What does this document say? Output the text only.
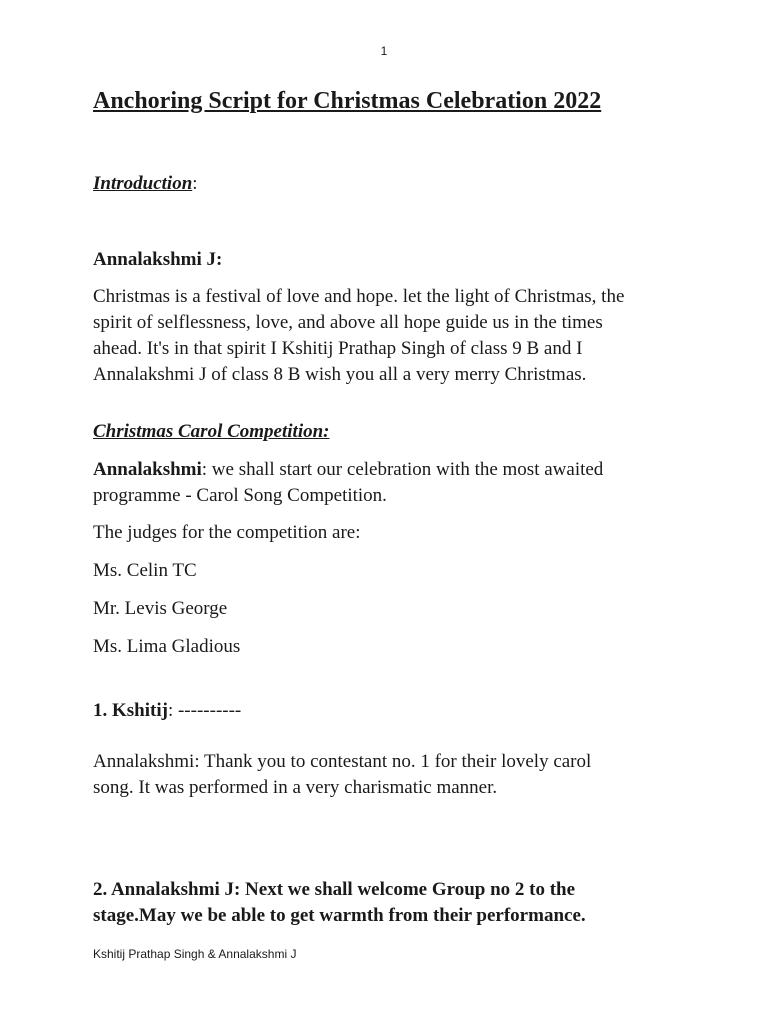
1
Anchoring Script for Christmas Celebration 2022

Introduction:

Annalakshmi J:

Christmas is a festival of love and hope. let the light of Christmas, the
spirit of selflessness, love, and above all hope guide us in the times
ahead. It's in that spirit I Kshitij Prathap Singh of class 9 B and I
Annalakshmi J of class 8 B wish you all a very merry Christmas.

Christmas Carol Competition:

Annalakshmi: we shall start our celebration with the most awaited
programme - Carol Song Competition.

The judges for the competition are:

Ms. Celin TC

Mr. Levis George

Ms. Lima Gladious

1. Kshitij: ----------

Annalakshmi: Thank you to contestant no. 1 for their lovely carol
song. It was performed in a very charismatic manner.
2. Annalakshmi J: Next we shall welcome Group no 2 to the
stage.May we be able to get warmth from their performance.
Kshitij Prathap Singh & Annalakshmi J
